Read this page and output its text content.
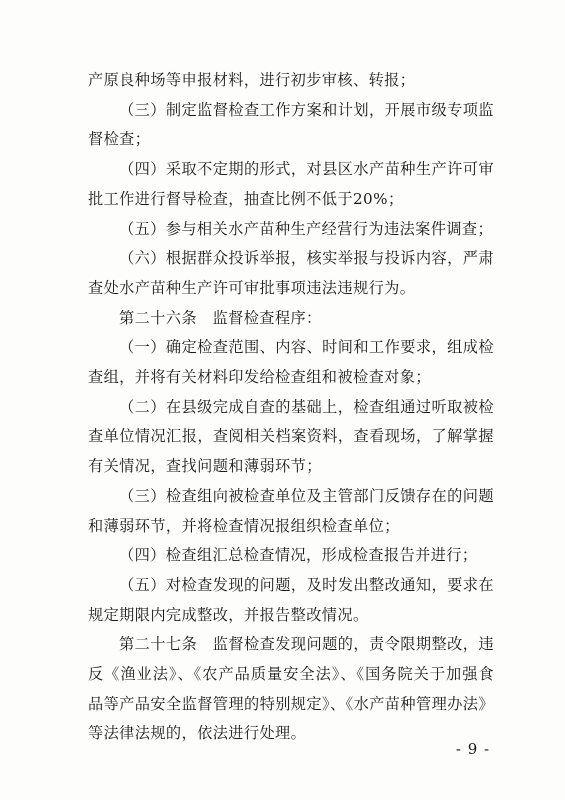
产原良种场等申报材料，进行初步审核、转报；

（三）制定监督检查工作方案和计划，开展市级专项监督检查；

（四）采取不定期的形式，对县区水产苗种生产许可审批工作进行督导检查，抽查比例不低于20%；

（五）参与相关水产苗种生产经营行为违法案件调查；

（六）根据群众投诉举报，核实举报与投诉内容，严肃查处水产苗种生产许可审批事项违法违规行为。

第二十六条　监督检查程序：

（一）确定检查范围、内容、时间和工作要求，组成检查组，并将有关材料印发给检查组和被检查对象；

（二）在县级完成自查的基础上，检查组通过听取被检查单位情况汇报，查阅相关档案资料，查看现场，了解掌握有关情况，查找问题和薄弱环节；

（三）检查组向被检查单位及主管部门反馈存在的问题和薄弱环节，并将检查情况报组织检查单位；

（四）检查组汇总检查情况，形成检查报告并进行；

（五）对检查发现的问题，及时发出整改通知，要求在规定期限内完成整改，并报告整改情况。

第二十七条　监督检查发现问题的，责令限期整改，违反《渔业法》、《农产品质量安全法》、《国务院关于加强食品等产品安全监督管理的特别规定》、《水产苗种管理办法》等法律法规的，依法进行处理。

- 9 -
